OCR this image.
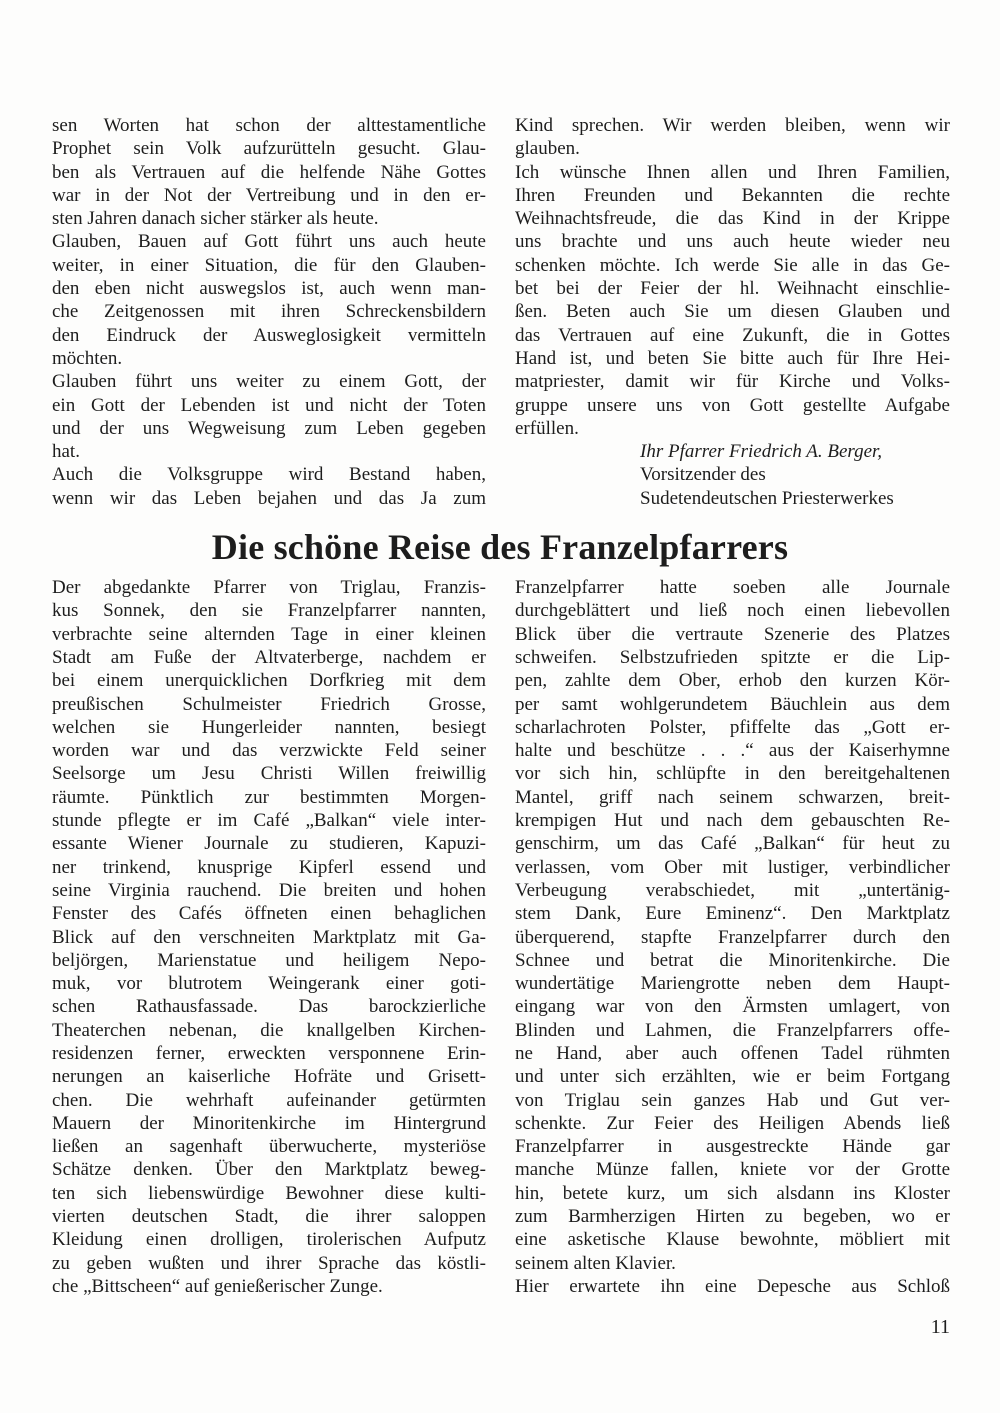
sen Worten hat schon der alttestamentliche
Prophet sein Volk aufzurütteln gesucht. Glau-
ben als Vertrauen auf die helfende Nähe Gottes
war in der Not der Vertreibung und in den er-
sten Jahren danach sicher stärker als heute.
Glauben, Bauen auf Gott führt uns auch heute
weiter, in einer Situation, die für den Glauben-
den eben nicht auswegslos ist, auch wenn man-
che Zeitgenossen mit ihren Schreckensbildern
den Eindruck der Ausweglosigkeit vermitteln
möchten.
Glauben führt uns weiter zu einem Gott, der
ein Gott der Lebenden ist und nicht der Toten
und der uns Wegweisung zum Leben gegeben
hat.
Auch die Volksgruppe wird Bestand haben,
wenn wir das Leben bejahen und das Ja zum
Kind sprechen. Wir werden bleiben, wenn wir
glauben.
Ich wünsche Ihnen allen und Ihren Familien,
Ihren Freunden und Bekannten die rechte
Weihnachtsfreude, die das Kind in der Krippe
uns brachte und uns auch heute wieder neu
schenken möchte. Ich werde Sie alle in das Ge-
bet bei der Feier der hl. Weihnacht einschlie-
ßen. Beten auch Sie um diesen Glauben und
das Vertrauen auf eine Zukunft, die in Gottes
Hand ist, und beten Sie bitte auch für Ihre Hei-
matpriester, damit wir für Kirche und Volks-
gruppe unsere uns von Gott gestellte Aufgabe
erfüllen.
Ihr Pfarrer Friedrich A. Berger,
Vorsitzender des
Sudetendeutschen Priesterwerkes
Die schöne Reise des Franzelpfarrers
Der abgedankte Pfarrer von Triglau, Franzis-
kus Sonnek, den sie Franzelpfarrer nannten,
verbrachte seine alternden Tage in einer kleinen
Stadt am Fuße der Altvaterberge, nachdem er
bei einem unerquicklichen Dorfkrieg mit dem
preußischen Schulmeister Friedrich Grosse,
welchen sie Hungerleider nannten, besiegt
worden war und das verzwickte Feld seiner
Seelsorge um Jesu Christi Willen freiwillig
räumte. Pünktlich zur bestimmten Morgen-
stunde pflegte er im Café „Balkan“ viele inter-
essante Wiener Journale zu studieren, Kapuzi-
ner trinkend, knusprige Kipferl essend und
seine Virginia rauchend. Die breiten und hohen
Fenster des Cafés öffneten einen behaglichen
Blick auf den verschneiten Marktplatz mit Ga-
beljörgen, Marienstatue und heiligem Nepo-
muk, vor blutrotem Weingerank einer goti-
schen Rathausfassade. Das barockzierliche
Theaterchen nebenan, die knallgelben Kirchen-
residenzen ferner, erweckten versponnene Erin-
nerungen an kaiserliche Hofräte und Grisett-
chen. Die wehrhaft aufeinander getürmten
Mauern der Minoritenkirche im Hintergrund
ließen an sagenhaft überwucherte, mysteriöse
Schätze denken. Über den Marktplatz beweg-
ten sich liebenswürdige Bewohner diese kulti-
vierten deutschen Stadt, die ihrer saloppen
Kleidung einen drolligen, tirolerischen Aufputz
zu geben wußten und ihrer Sprache das köstli-
che „Bittscheen“ auf genießerischer Zunge.
Franzelpfarrer hatte soeben alle Journale
durchgeblättert und ließ noch einen liebevollen
Blick über die vertraute Szenerie des Platzes
schweifen. Selbstzufrieden spitzte er die Lip-
pen, zahlte dem Ober, erhob den kurzen Kör-
per samt wohlgerundetem Bäuchlein aus dem
scharlachroten Polster, pfiffelte das „Gott er-
halte und beschütze . . .“ aus der Kaiserhymne
vor sich hin, schlüpfte in den bereitgehaltenen
Mantel, griff nach seinem schwarzen, breit-
krempigen Hut und nach dem gebauschten Re-
genschirm, um das Café „Balkan“ für heut zu
verlassen, vom Ober mit lustiger, verbindlicher
Verbeugung verabschiedet, mit „untertänig-
stem Dank, Eure Eminenz“. Den Marktplatz
überquerend, stapfte Franzelpfarrer durch den
Schnee und betrat die Minoritenkirche. Die
wundertätige Mariengrotte neben dem Haupt-
eingang war von den Ärmsten umlagert, von
Blinden und Lahmen, die Franzelpfarrers offe-
ne Hand, aber auch offenen Tadel rühmten
und unter sich erzählten, wie er beim Fortgang
von Triglau sein ganzes Hab und Gut ver-
schenkte. Zur Feier des Heiligen Abends ließ
Franzelpfarrer in ausgestreckte Hände gar
manche Münze fallen, kniete vor der Grotte
hin, betete kurz, um sich alsdann ins Kloster
zum Barmherzigen Hirten zu begeben, wo er
eine asketische Klause bewohnte, möbliert mit
seinem alten Klavier.
Hier erwartete ihn eine Depesche aus Schloß
11
